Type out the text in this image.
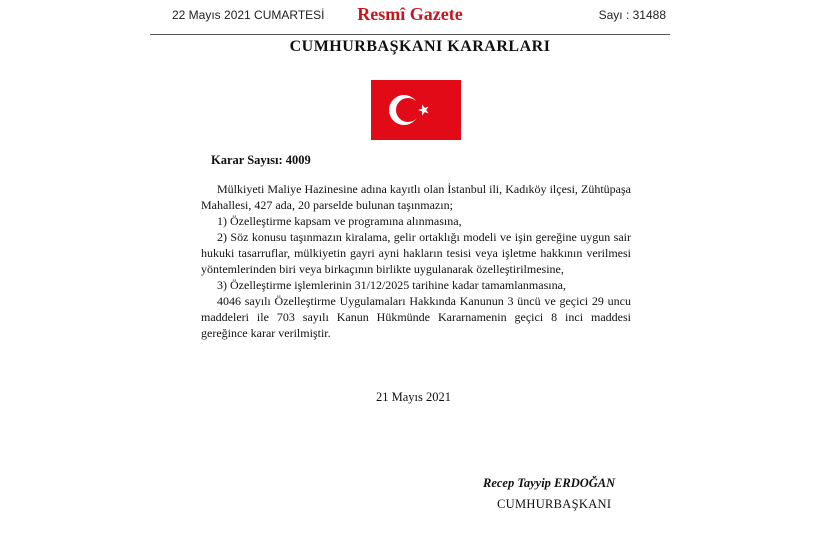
22 Mayıs 2021 CUMARTESİ	Resmî Gazete	Sayı : 31488
CUMHURBAŞKANI KARARLARI
Karar Sayısı: 4009

Mülkiyeti Maliye Hazinesine adına kayıtlı olan İstanbul ili, Kadıköy ilçesi, Zühtüpaşa Mahallesi, 427 ada, 20 parselde bulunan taşınmazın;

1) Özelleştirme kapsam ve programına alınmasına,

2) Söz konusu taşınmazın kiralama, gelir ortaklığı modeli ve işin gereğine uygun sair hukuki tasarruflar, mülkiyetin gayri ayni hakların tesisi veya işletme hakkının verilmesi yöntemlerinden biri veya birkaçının birlikte uygulanarak özelleştirilmesine,

3) Özelleştirme işlemlerinin 31/12/2025 tarihine kadar tamamlanmasına,

4046 sayılı Özelleştirme Uygulamaları Hakkında Kanunun 3 üncü ve geçici 29 uncu maddeleri ile 703 sayılı Kanun Hükmünde Kararnamenin geçici 8 inci maddesi gereğince karar verilmiştir.

21 Mayıs 2021
Recep Tayyip ERDOĞAN
CUMHURBAŞKANI
